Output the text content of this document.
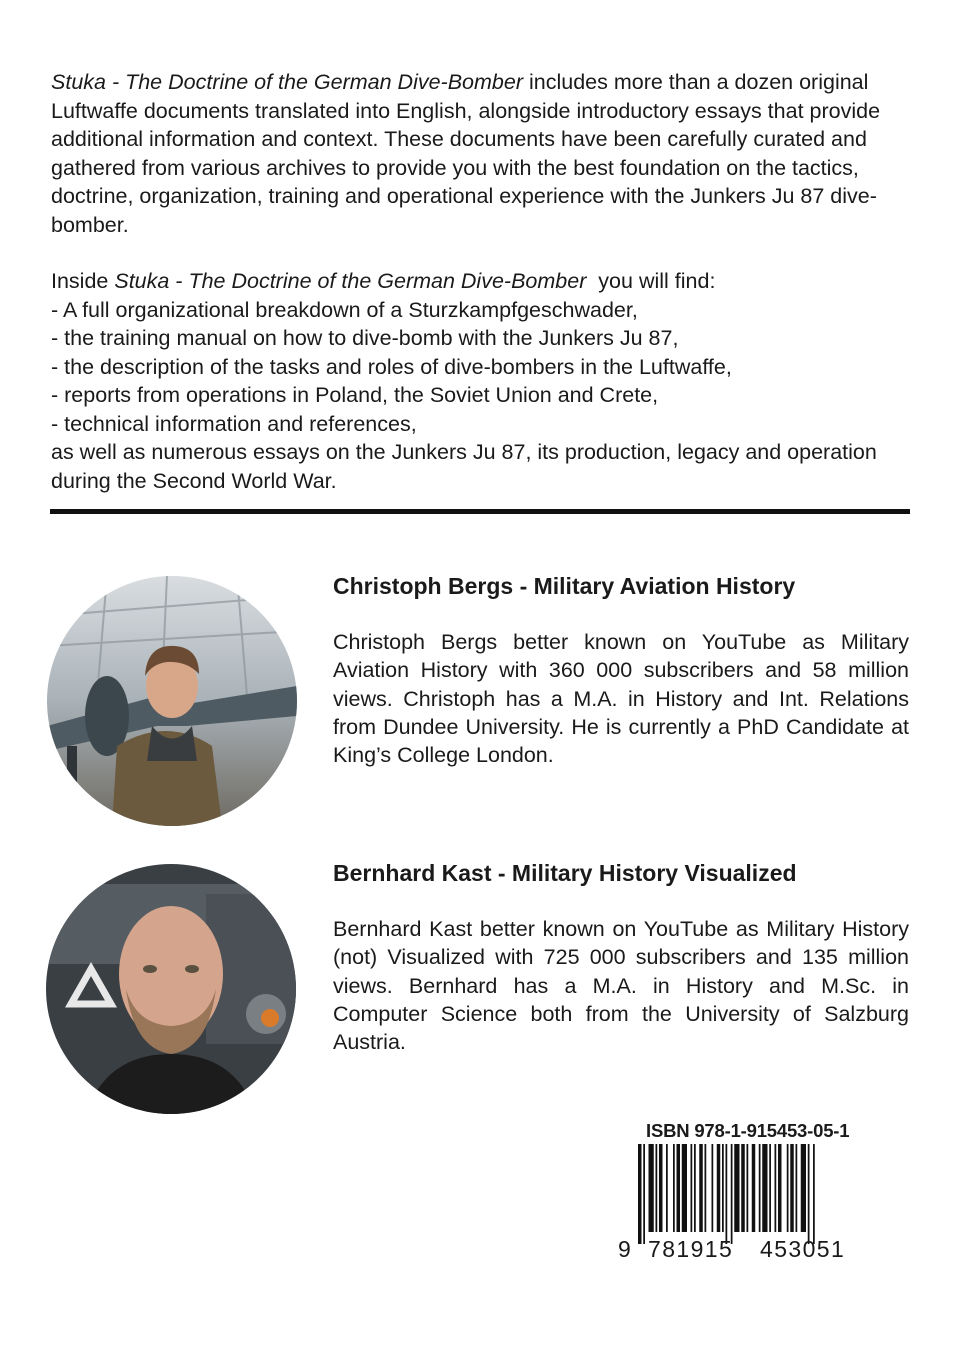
Stuka - The Doctrine of the German Dive-Bomber includes more than a dozen original Luftwaffe documents translated into English, alongside introductory essays that provide additional information and context. These documents have been carefully curated and gathered from various archives to provide you with the best foundation on the tactics, doctrine, organization, training and operational experience with the Junkers Ju 87 dive-bomber.

Inside Stuka - The Doctrine of the German Dive-Bomber  you will find:

- A full organizational breakdown of a Sturzkampfgeschwader,

- the training manual on how to dive-bomb with the Junkers Ju 87,

- the description of the tasks and roles of dive-bombers in the Luftwaffe,

- reports from operations in Poland, the Soviet Union and Crete,

- technical information and references,

as well as numerous essays on the Junkers Ju 87, its production, legacy and operation during the Second World War.

Christoph Bergs - Military Aviation History

Christoph Bergs better known on YouTube as Military Aviation History with 360 000 subscribers and 58 million views. Christoph has a M.A. in History and Int. Relations from Dundee University. He is currently a PhD Candidate at King’s College London.

Bernhard Kast - Military History Visualized

Bernhard Kast better known on YouTube as Military History (not) Visualized with 725 000 subscribers and 135 million views. Bernhard has a M.A. in History and M.Sc. in Computer Science both from the University of Salzburg Austria.

ISBN 978-1-915453-05-1
9 781915 453051
